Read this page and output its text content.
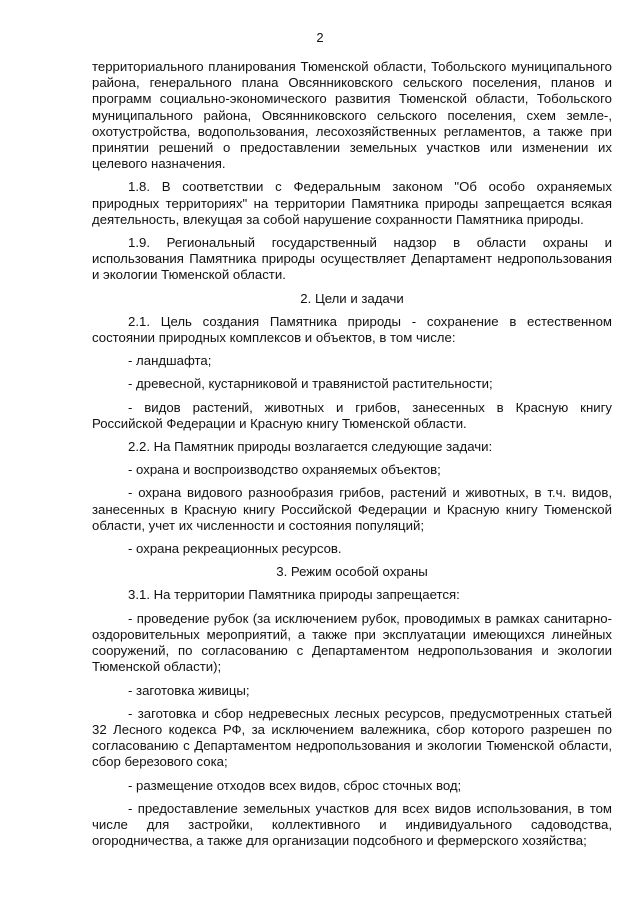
2

территориального планирования Тюменской области, Тобольского муниципального района, генерального плана Овсянниковского сельского поселения, планов и программ социально-экономического развития Тюменской области, Тобольского муниципального района, Овсянниковского сельского поселения, схем земле-, охотустройства, водопользования, лесохозяйственных регламентов, а также при принятии решений о предоставлении земельных участков или изменении их целевого назначения.

1.8. В соответствии с Федеральным законом "Об особо охраняемых природных территориях" на территории Памятника природы запрещается всякая деятельность, влекущая за собой нарушение сохранности Памятника природы.

1.9. Региональный государственный надзор в области охраны и использования Памятника природы осуществляет Департамент недропользования и экологии Тюменской области.

2. Цели и задачи

2.1. Цель создания Памятника природы - сохранение в естественном состоянии природных комплексов и объектов, в том числе:

- ландшафта;

- древесной, кустарниковой и травянистой растительности;

- видов растений, животных и грибов, занесенных в Красную книгу Российской Федерации и Красную книгу Тюменской области.

2.2. На Памятник природы возлагается следующие задачи:

- охрана и воспроизводство охраняемых объектов;

- охрана видового разнообразия грибов, растений и животных, в т.ч. видов, занесенных в Красную книгу Российской Федерации и Красную книгу Тюменской области, учет их численности и состояния популяций;

- охрана рекреационных ресурсов.

3. Режим особой охраны

3.1. На территории Памятника природы запрещается:

- проведение рубок (за исключением рубок, проводимых в рамках санитарно-оздоровительных мероприятий, а также при эксплуатации имеющихся линейных сооружений, по согласованию с Департаментом недропользования и экологии Тюменской области);

- заготовка живицы;

- заготовка и сбор недревесных лесных ресурсов, предусмотренных статьей 32 Лесного кодекса РФ, за исключением валежника, сбор которого разрешен по согласованию с Департаментом недропользования и экологии Тюменской области, сбор березового сока;

- размещение отходов всех видов, сброс сточных вод;

- предоставление земельных участков для всех видов использования, в том числе для застройки, коллективного и индивидуального садоводства, огородничества, а также для организации подсобного и фермерского хозяйства;
